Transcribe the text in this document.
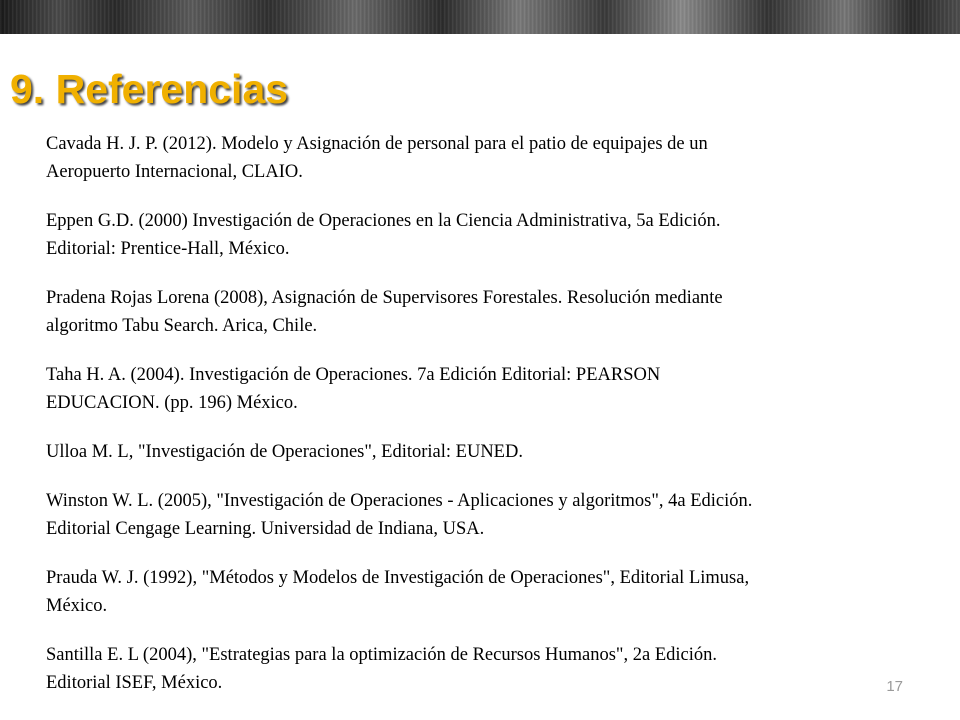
9. Referencias
Cavada H. J. P. (2012). Modelo y Asignación de personal para el patio de equipajes de un
Aeropuerto Internacional, CLAIO.
Eppen G.D. (2000) Investigación de Operaciones en la Ciencia Administrativa, 5a Edición.
Editorial: Prentice-Hall, México.
Pradena Rojas Lorena (2008), Asignación de Supervisores Forestales. Resolución mediante
algoritmo Tabu Search. Arica, Chile.
Taha H. A. (2004). Investigación de Operaciones. 7a Edición Editorial: PEARSON
EDUCACION. (pp. 196) México.
Ulloa M. L, "Investigación de Operaciones", Editorial: EUNED.
Winston W. L. (2005), "Investigación de Operaciones - Aplicaciones y algoritmos", 4a Edición.
Editorial Cengage Learning. Universidad de Indiana, USA.
Prauda W. J. (1992), "Métodos y Modelos de Investigación de Operaciones", Editorial Limusa,
México.
Santilla E. L (2004), "Estrategias para la optimización de Recursos Humanos", 2a Edición.
Editorial ISEF, México.	17
